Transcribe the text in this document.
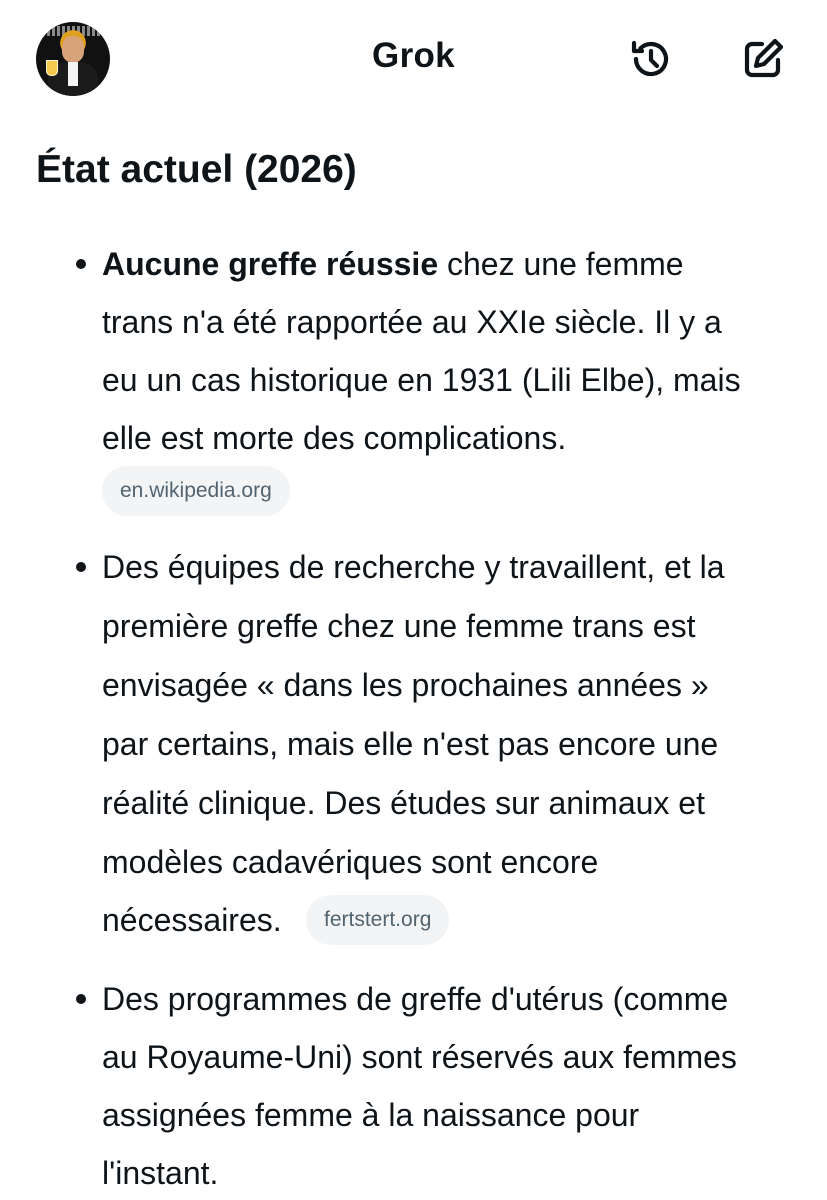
Grok
État actuel (2026)
Aucune greffe réussie chez une femme
trans n'a été rapportée au XXIe siècle. Il y a
eu un cas historique en 1931 (Lili Elbe), mais
elle est morte des complications.
en.wikipedia.org
Des équipes de recherche y travaillent, et la
première greffe chez une femme trans est
envisagée « dans les prochaines années »
par certains, mais elle n'est pas encore une
réalité clinique. Des études sur animaux et
modèles cadavériques sont encore
nécessaires.	fertstert.org
Des programmes de greffe d'utérus (comme
au Royaume-Uni) sont réservés aux femmes
assignées femme à la naissance pour
l'instant.
